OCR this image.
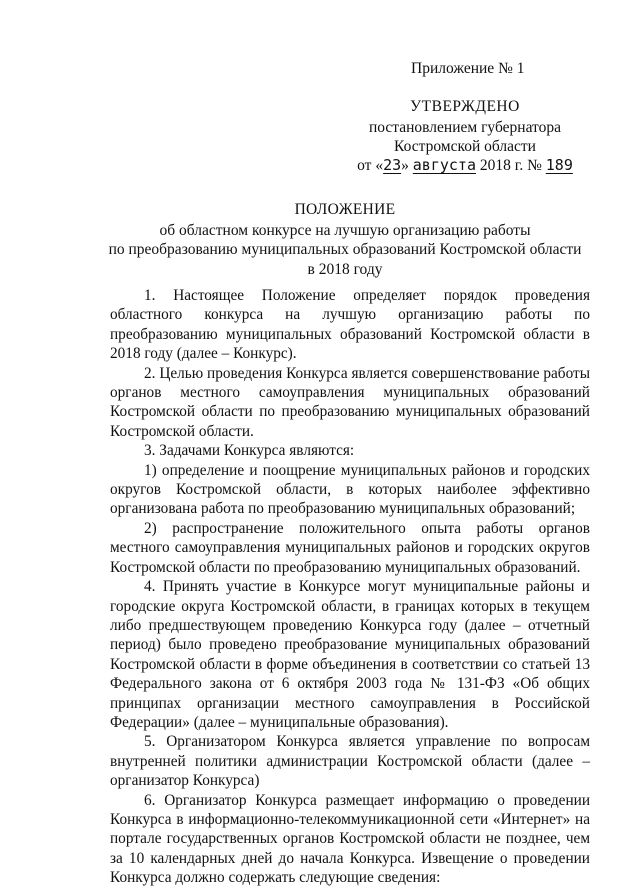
Приложение № 1
УТВЕРЖДЕНО
постановлением губернатора
Костромской области
от «23» августа 2018 г. № 189
ПОЛОЖЕНИЕ
об областном конкурсе на лучшую организацию работы
по преобразованию муниципальных образований Костромской области
в 2018 году

1. Настоящее Положение определяет порядок проведения областного конкурса на лучшую организацию работы по преобразованию муниципальных образований Костромской области в 2018 году (далее – Конкурс).

2. Целью проведения Конкурса является совершенствование работы органов местного самоуправления муниципальных образований Костромской области по преобразованию муниципальных образований Костромской области.

3. Задачами Конкурса являются:

1) определение и поощрение муниципальных районов и городских округов Костромской области, в которых наиболее эффективно организована работа по преобразованию муниципальных образований;

2) распространение положительного опыта работы органов местного самоуправления муниципальных районов и городских округов Костромской области по преобразованию муниципальных образований.

4. Принять участие в Конкурсе могут муниципальные районы и городские округа Костромской области, в границах которых в текущем либо предшествующем проведению Конкурса году (далее – отчетный период) было проведено преобразование муниципальных образований Костромской области в форме объединения в соответствии со статьей 13 Федерального закона от 6 октября 2003 года № 131-ФЗ «Об общих принципах организации местного самоуправления в Российской Федерации» (далее – муниципальные образования).

5. Организатором Конкурса является управление по вопросам внутренней политики администрации Костромской области (далее – организатор Конкурса)

6. Организатор Конкурса размещает информацию о проведении Конкурса в информационно-телекоммуникационной сети «Интернет» на портале государственных органов Костромской области не позднее, чем за 10 календарных дней до начала Конкурса. Извещение о проведении Конкурса должно содержать следующие сведения:
